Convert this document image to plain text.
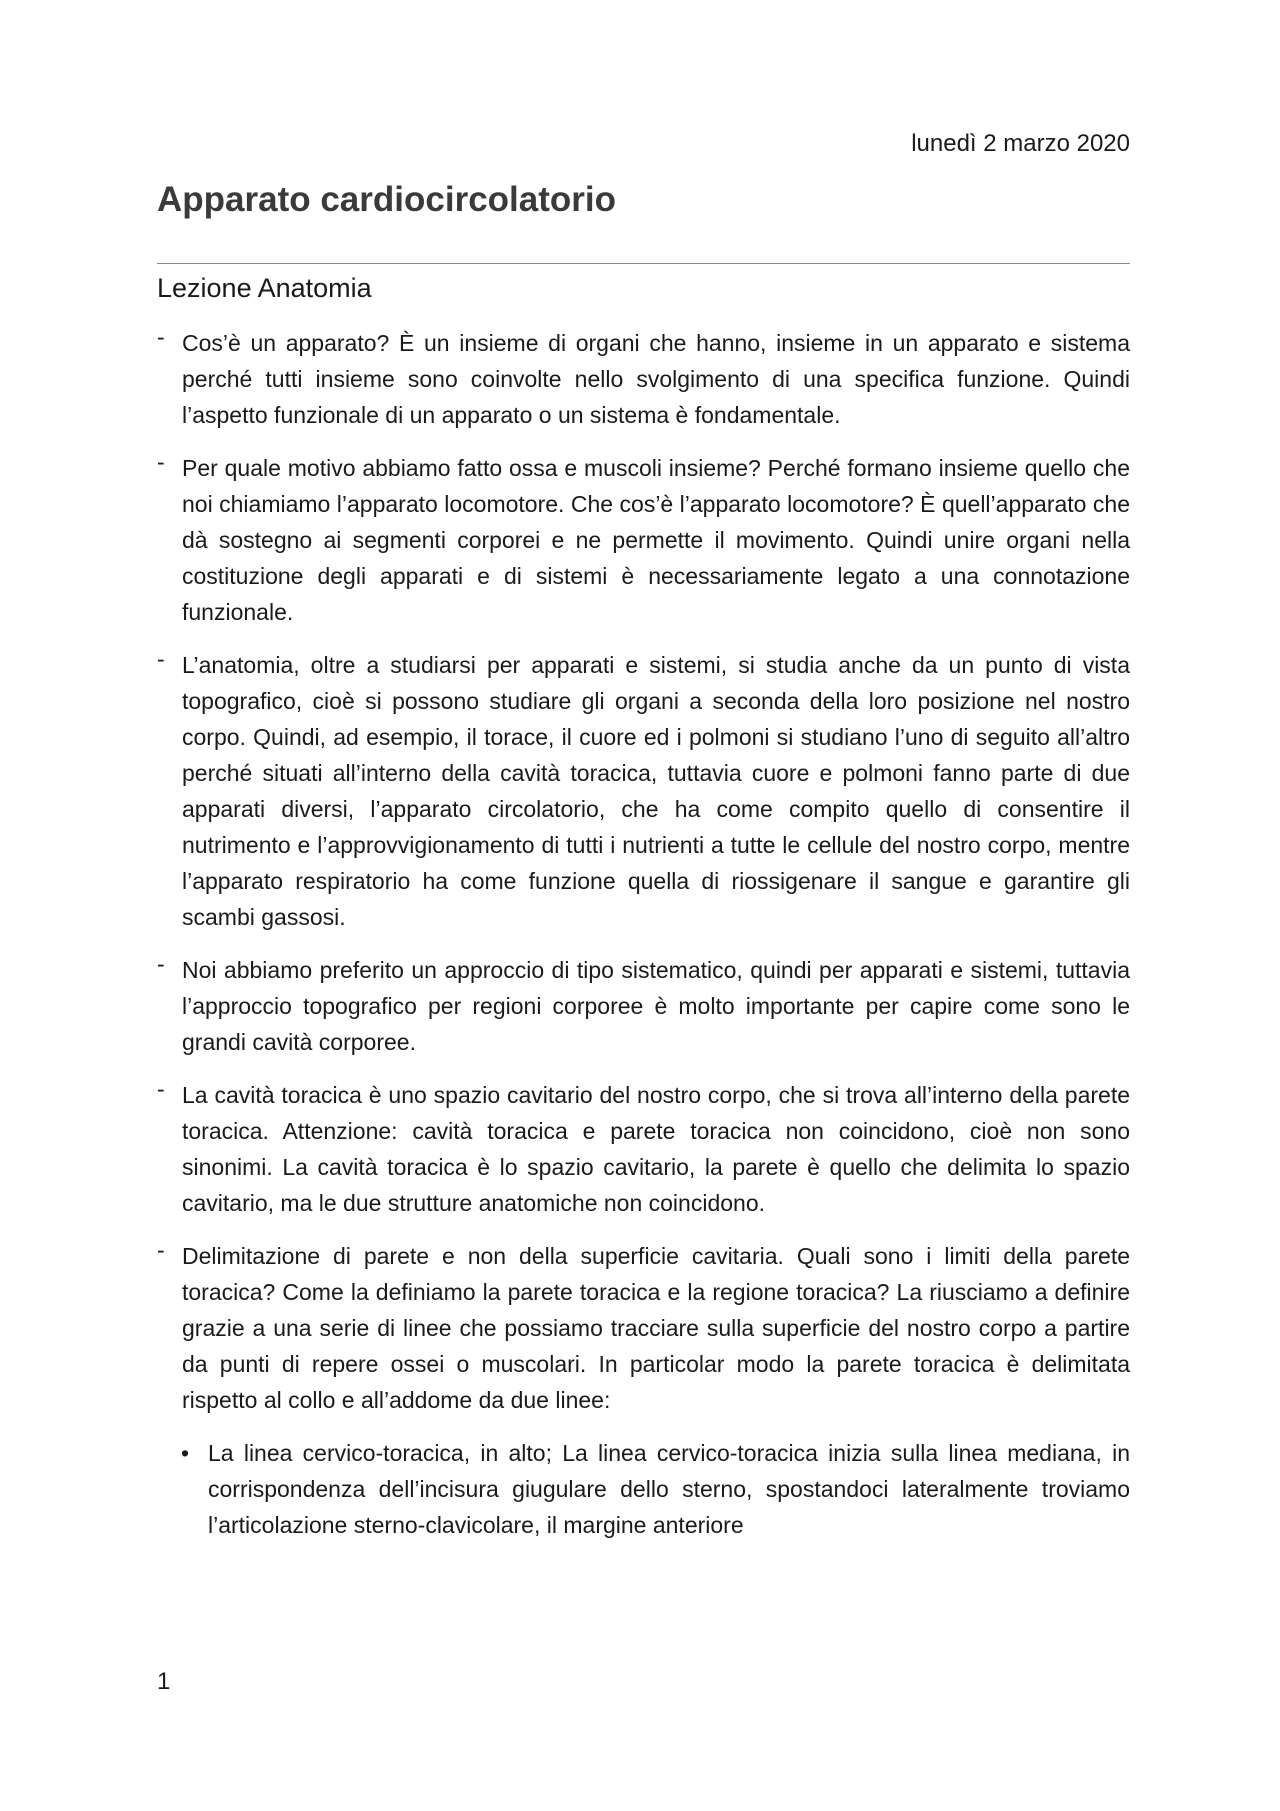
lunedì 2 marzo 2020
Apparato cardiocircolatorio
Lezione Anatomia
- Cos’è un apparato? È un insieme di organi che hanno, insieme in un apparato e sistema perché tutti insieme sono coinvolte nello svolgimento di una specifica funzione. Quindi l’aspetto funzionale di un apparato o un sistema è fondamentale.
- Per quale motivo abbiamo fatto ossa e muscoli insieme? Perché formano insieme quello che noi chiamiamo l’apparato locomotore. Che cos’è l’apparato locomotore? È quell’apparato che dà sostegno ai segmenti corporei e ne permette il movimento. Quindi unire organi nella costituzione degli apparati e di sistemi è necessariamente legato a una connotazione funzionale.
- L’anatomia, oltre a studiarsi per apparati e sistemi, si studia anche da un punto di vista topografico, cioè si possono studiare gli organi a seconda della loro posizione nel nostro corpo. Quindi, ad esempio, il torace, il cuore ed i polmoni si studiano l’uno di seguito all’altro perché situati all’interno della cavità toracica, tuttavia cuore e polmoni fanno parte di due apparati diversi, l’apparato circolatorio, che ha come compito quello di consentire il nutrimento e l’approvvigionamento di tutti i nutrienti a tutte le cellule del nostro corpo, mentre l’apparato respiratorio ha come funzione quella di riossigenare il sangue e garantire gli scambi gassosi.
- Noi abbiamo preferito un approccio di tipo sistematico, quindi per apparati e sistemi, tuttavia l’approccio topografico per regioni corporee è molto importante per capire come sono le grandi cavità corporee.
- La cavità toracica è uno spazio cavitario del nostro corpo, che si trova all’interno della parete toracica. Attenzione: cavità toracica e parete toracica non coincidono, cioè non sono sinonimi. La cavità toracica è lo spazio cavitario, la parete è quello che delimita lo spazio cavitario, ma le due strutture anatomiche non coincidono.
- Delimitazione di parete e non della superficie cavitaria. Quali sono i limiti della parete toracica? Come la definiamo la parete toracica e la regione toracica? La riusciamo a definire grazie a una serie di linee che possiamo tracciare sulla superficie del nostro corpo a partire da punti di repere ossei o muscolari. In particolar modo la parete toracica è delimitata rispetto al collo e all’addome da due linee:
• La linea cervico-toracica, in alto; La linea cervico-toracica inizia sulla linea mediana, in corrispondenza dell’incisura giugulare dello sterno, spostandoci lateralmente troviamo l’articolazione sterno-clavicolare, il margine anteriore
1
